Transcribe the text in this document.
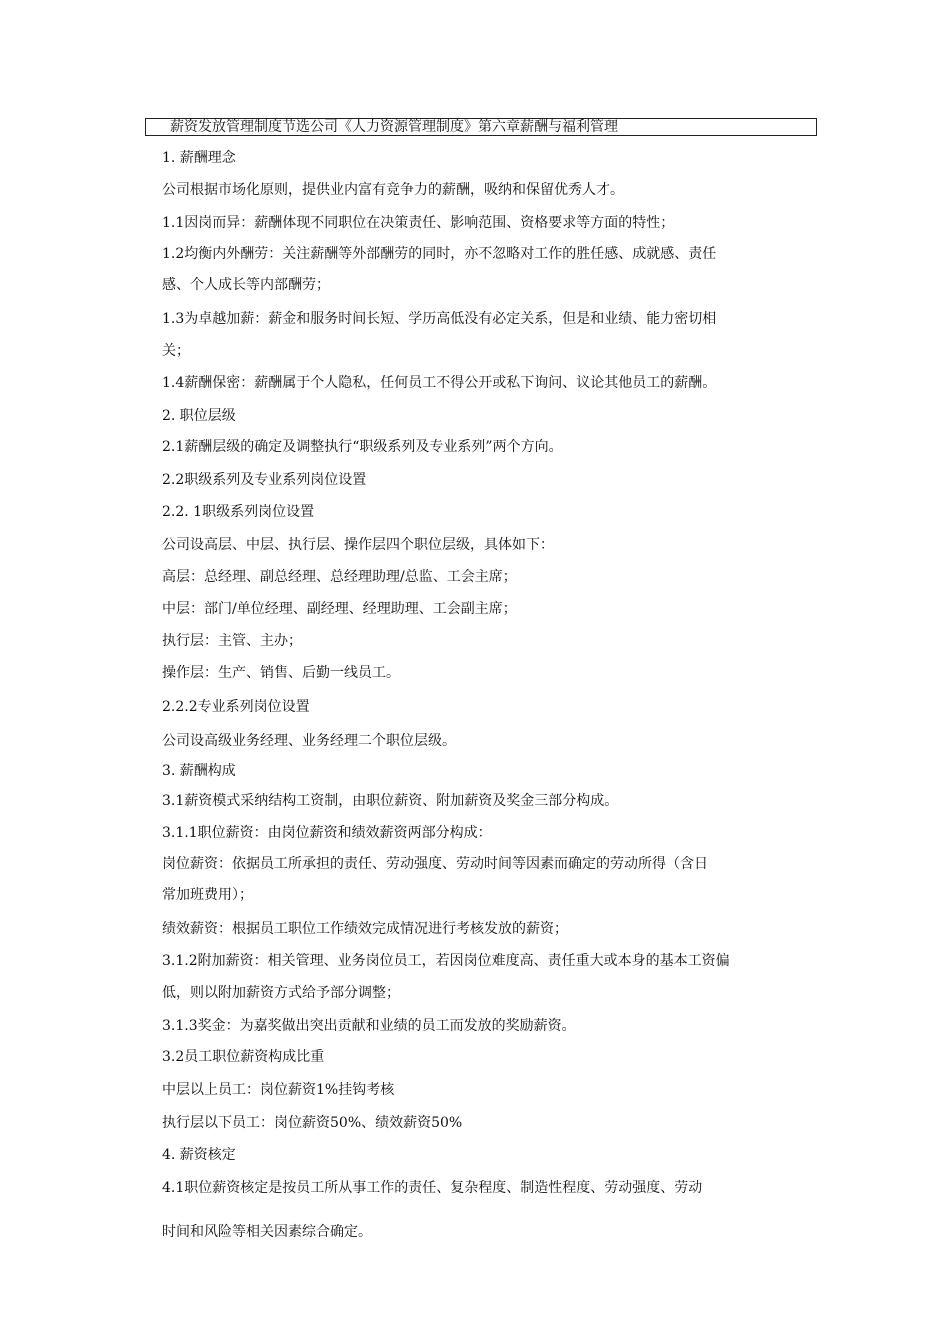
薪资发放管理制度节选公司《人力资源管理制度》第六章薪酬与福利管理
1. 薪酬理念
公司根据市场化原则，提供业内富有竞争力的薪酬，吸纳和保留优秀人才。
1.1因岗而异：薪酬体现不同职位在决策责任、影响范围、资格要求等方面的特性；
1.2均衡内外酬劳：关注薪酬等外部酬劳的同时，亦不忽略对工作的胜任感、成就感、责任
感、个人成长等内部酬劳；
1.3为卓越加薪：薪金和服务时间长短、学历高低没有必定关系，但是和业绩、能力密切相
关；
1.4薪酬保密：薪酬属于个人隐私，任何员工不得公开或私下询问、议论其他员工的薪酬。
2. 职位层级
2.1薪酬层级的确定及调整执行“职级系列及专业系列”两个方向。
2.2职级系列及专业系列岗位设置
2.2. 1职级系列岗位设置
公司设高层、中层、执行层、操作层四个职位层级，具体如下：
高层：总经理、副总经理、总经理助理/总监、工会主席；
中层：部门/单位经理、副经理、经理助理、工会副主席；
执行层：主管、主办；
操作层：生产、销售、后勤一线员工。
2.2.2专业系列岗位设置
公司设高级业务经理、业务经理二个职位层级。
3. 薪酬构成
3.1薪资模式采纳结构工资制，由职位薪资、附加薪资及奖金三部分构成。
3.1.1职位薪资：由岗位薪资和绩效薪资两部分构成：
岗位薪资：依据员工所承担的责任、劳动强度、劳动时间等因素而确定的劳动所得（含日
常加班费用）；
绩效薪资：根据员工职位工作绩效完成情况进行考核发放的薪资；
3.1.2附加薪资：相关管理、业务岗位员工，若因岗位难度高、责任重大或本身的基本工资偏
低，则以附加薪资方式给予部分调整；
3.1.3奖金：为嘉奖做出突出贡献和业绩的员工而发放的奖励薪资。
3.2员工职位薪资构成比重
中层以上员工：岗位薪资1%挂钩考核
执行层以下员工：岗位薪资50%、绩效薪资50%
4. 薪资核定
4.1职位薪资核定是按员工所从事工作的责任、复杂程度、制造性程度、劳动强度、劳动
时间和风险等相关因素综合确定。
